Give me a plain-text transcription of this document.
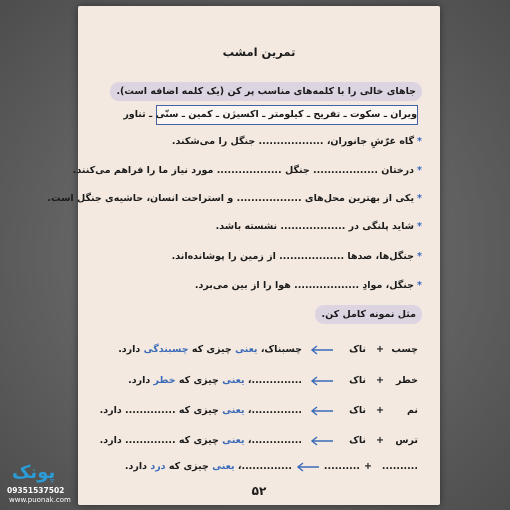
تمرین امشب
جاهای خالی را با کلمه‌های مناسب پر کن (یک کلمه اضافه است).
ویران ـ سکوت ـ تفریح ـ کیلومتر ـ اکسیژن ـ کمین ـ سنّی ـ تناور
*گاه غرّشِ جانوران، .................. جنگل را می‌شکند.
*درختان .................. جنگل .................. مورد نیاز ما را فراهم می‌کنند.
*یکی از بهترین محل‌های .................. و استراحت انسان، حاشیه‌ی جنگل است.
*شاید پلنگی در .................. نشسته باشد.
*جنگل‌ها، صدها .................. از زمین را پوشانده‌اند.
*جنگل، موادِ .................. هوا را از بین می‌برد.
مثل نمونه کامل کن.
چسب
+
ناک
چسبناک، یعنی چیزی که چسبندگی دارد.
خطر
+
ناک
..............، یعنی چیزی که خطر دارد.
نم
+
ناک
..............، یعنی چیزی که .............. دارد.
ترس
+
ناک
..............، یعنی چیزی که .............. دارد.
..........
+
..........
..............، یعنی چیزی که درد دارد.
۵۲
پونک
09351537502
www.puonak.com
